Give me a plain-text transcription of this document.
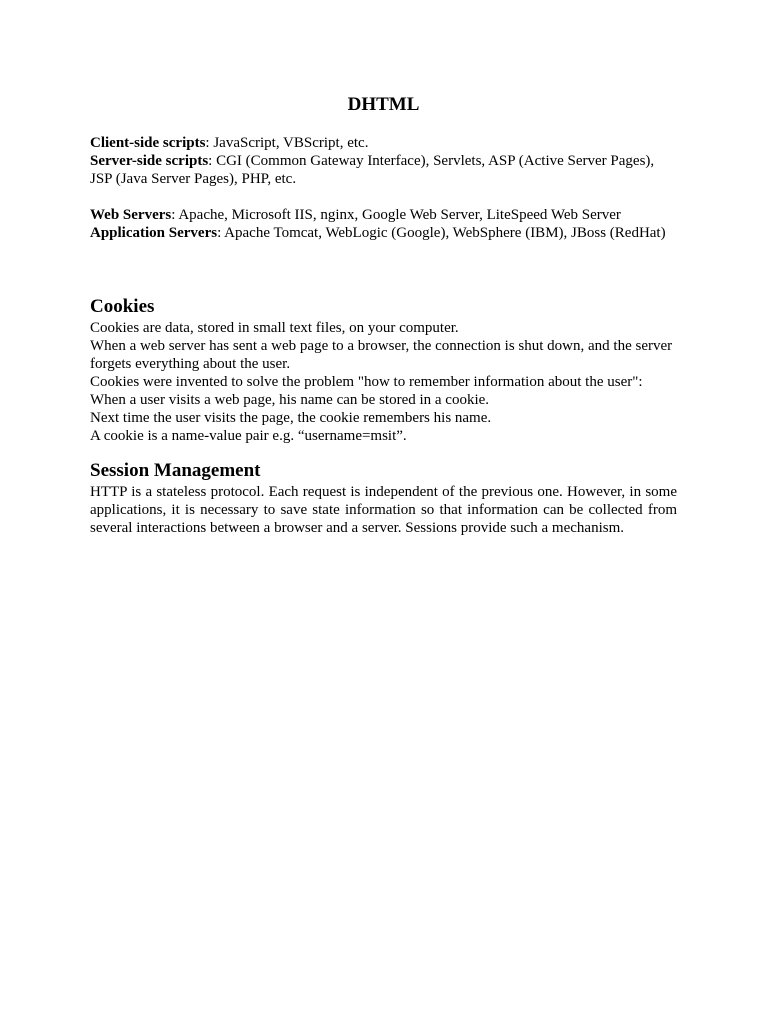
DHTML

Client-side scripts: JavaScript, VBScript, etc.

Server-side scripts: CGI (Common Gateway Interface), Servlets, ASP (Active Server Pages), JSP (Java Server Pages), PHP, etc.

Web Servers: Apache, Microsoft IIS, nginx, Google Web Server, LiteSpeed Web Server

Application Servers: Apache Tomcat, WebLogic (Google), WebSphere (IBM), JBoss (RedHat)

Cookies

Cookies are data, stored in small text files, on your computer.

When a web server has sent a web page to a browser, the connection is shut down, and the server forgets everything about the user.

Cookies were invented to solve the problem "how to remember information about the user":

When a user visits a web page, his name can be stored in a cookie.

Next time the user visits the page, the cookie remembers his name.

A cookie is a name-value pair e.g. “username=msit”.

Session Management

HTTP is a stateless protocol. Each request is independent of the previous one. However, in some applications, it is necessary to save state information so that information can be collected from several interactions between a browser and a server. Sessions provide such a mechanism.
